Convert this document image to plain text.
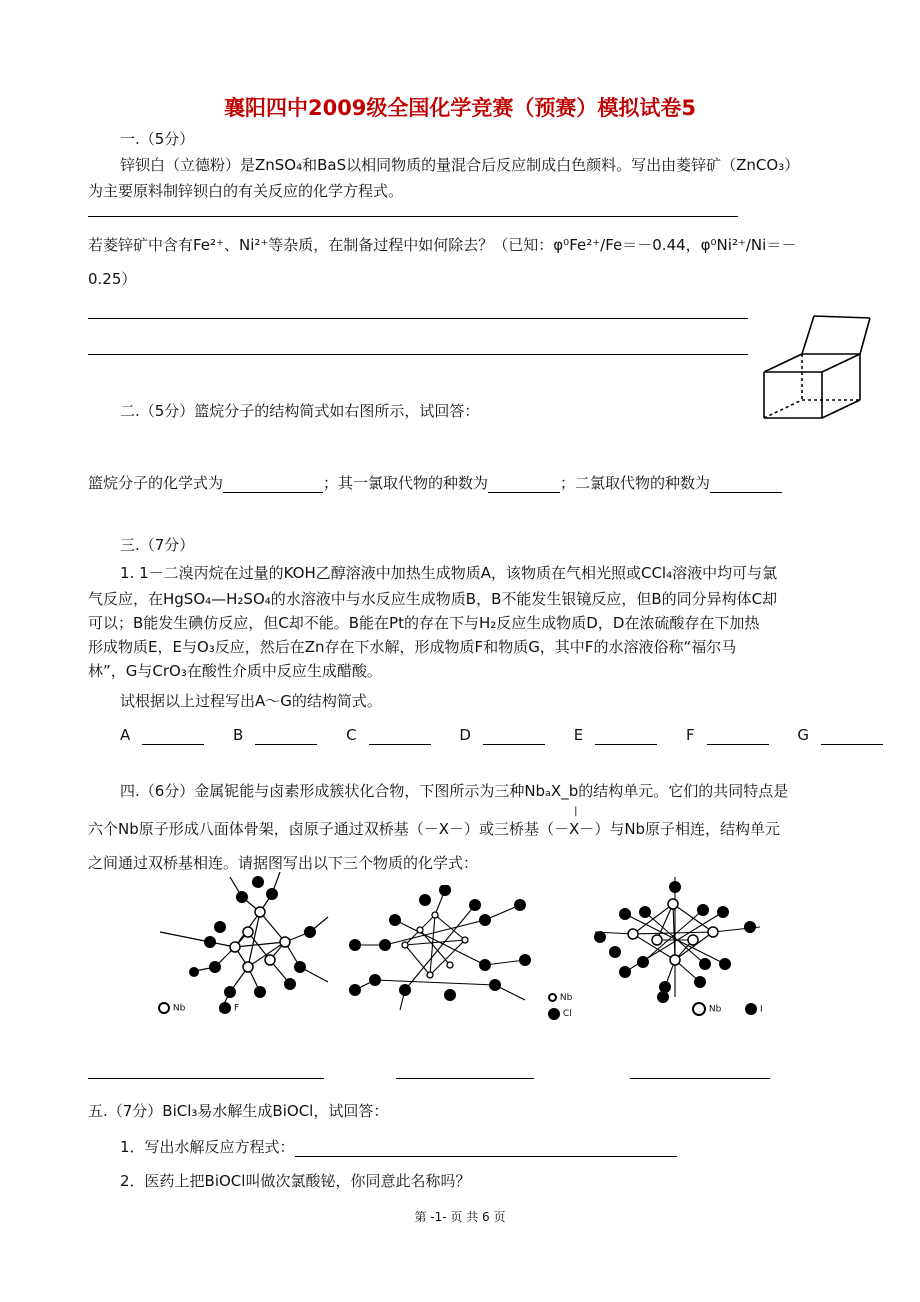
襄阳四中2009级全国化学竞赛（预赛）模拟试卷5
一.（5分）
锌钡白（立德粉）是ZnSO₄和BaS以相同物质的量混合后反应制成白色颜料。写出由菱锌矿（ZnCO₃）
为主要原料制锌钡白的有关反应的化学方程式。
若菱锌矿中含有Fe²⁺、Ni²⁺等杂质，在制备过程中如何除去？（已知：φ⁰Fe²⁺/Fe＝－0.44，φ⁰Ni²⁺/Ni＝－
0.25）
二.（5分）篮烷分子的结构简式如右图所示，试回答：
篮烷分子的化学式为	；其一氯取代物的种数为	；二氯取代物的种数为
三.（7分）
1. 1－二溴丙烷在过量的KOH乙醇溶液中加热生成物质A，该物质在气相光照或CCl₄溶液中均可与氯
气反应，在HgSO₄—H₂SO₄的水溶液中与水反应生成物质B，B不能发生银镜反应，但B的同分异构体C却
可以；B能发生碘仿反应，但C却不能。B能在Pt的存在下与H₂反应生成物质D，D在浓硫酸存在下加热
形成物质E，E与O₃反应，然后在Zn存在下水解，形成物质F和物质G，其中F的水溶液俗称“福尔马
林”，G与CrO₃在酸性介质中反应生成醋酸。
试根据以上过程写出A～G的结构简式。
A	B	C	D	E	F	G
四.（6分）金属铌能与卤素形成簇状化合物，下图所示为三种NbₐX_b的结构单元。它们的共同特点是
六个Nb原子形成八面体骨架，卤原子通过双桥基（－X－）或三桥基（
|
－X－）与Nb原子相连，结构单元
之间通过双桥基相连。请据图写出以下三个物质的化学式：
Nb	F
Nb
Cl	Nb	I
五.（7分）BiCl₃易水解生成BiOCl，试回答：
1．写出水解反应方程式：
2．医药上把BiOCl叫做次氯酸铋，你同意此名称吗？
第 -1- 页 共 6 页
